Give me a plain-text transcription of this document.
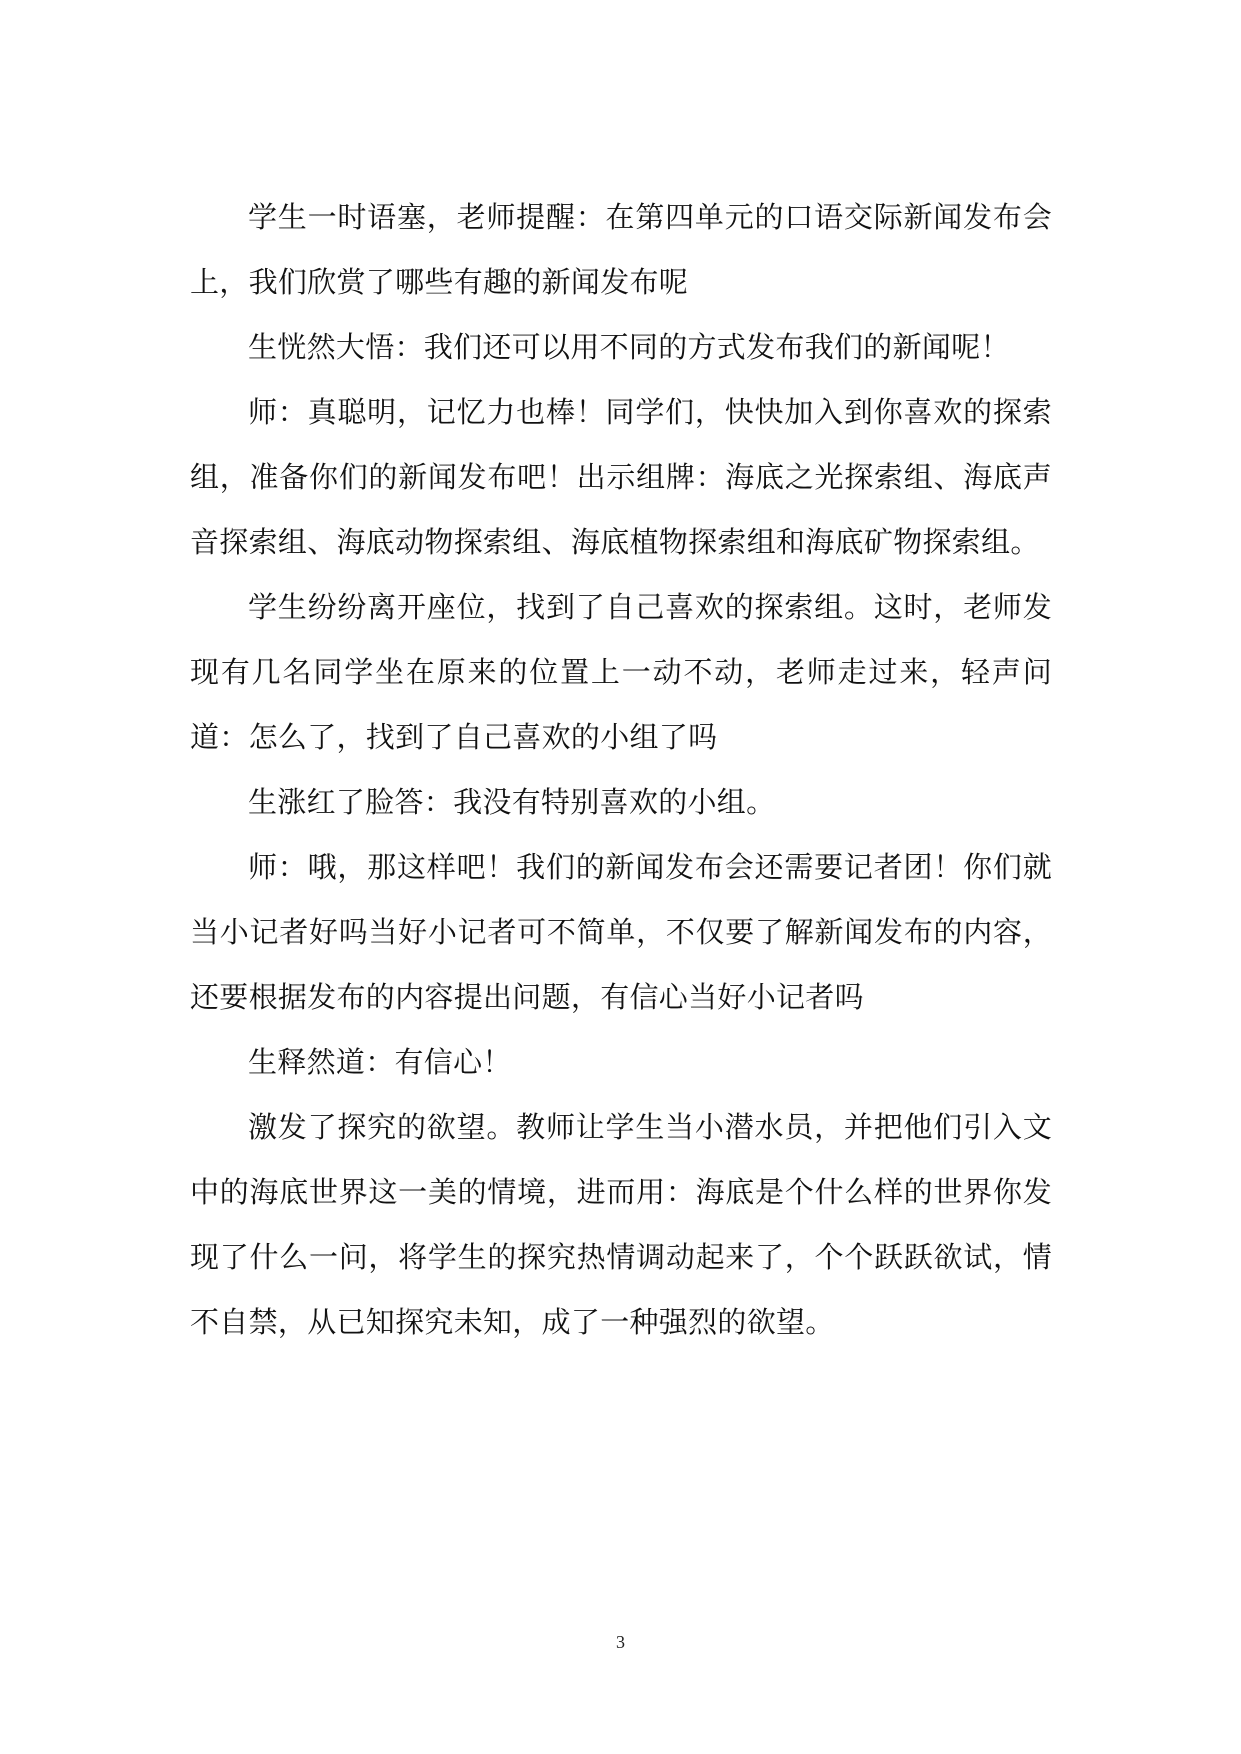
学生一时语塞，老师提醒：在第四单元的口语交际新闻发布会上，我们欣赏了哪些有趣的新闻发布呢

生恍然大悟：我们还可以用不同的方式发布我们的新闻呢！

师：真聪明，记忆力也棒！同学们，快快加入到你喜欢的探索组，准备你们的新闻发布吧！出示组牌：海底之光探索组、海底声音探索组、海底动物探索组、海底植物探索组和海底矿物探索组。

学生纷纷离开座位，找到了自己喜欢的探索组。这时，老师发现有几名同学坐在原来的位置上一动不动，老师走过来，轻声问道：怎么了，找到了自己喜欢的小组了吗

生涨红了脸答：我没有特别喜欢的小组。

师：哦，那这样吧！我们的新闻发布会还需要记者团！你们就当小记者好吗当好小记者可不简单，不仅要了解新闻发布的内容，还要根据发布的内容提出问题，有信心当好小记者吗

生释然道：有信心！

激发了探究的欲望。教师让学生当小潜水员，并把他们引入文中的海底世界这一美的情境，进而用：海底是个什么样的世界你发现了什么一问，将学生的探究热情调动起来了，个个跃跃欲试，情不自禁，从已知探究未知，成了一种强烈的欲望。

3
